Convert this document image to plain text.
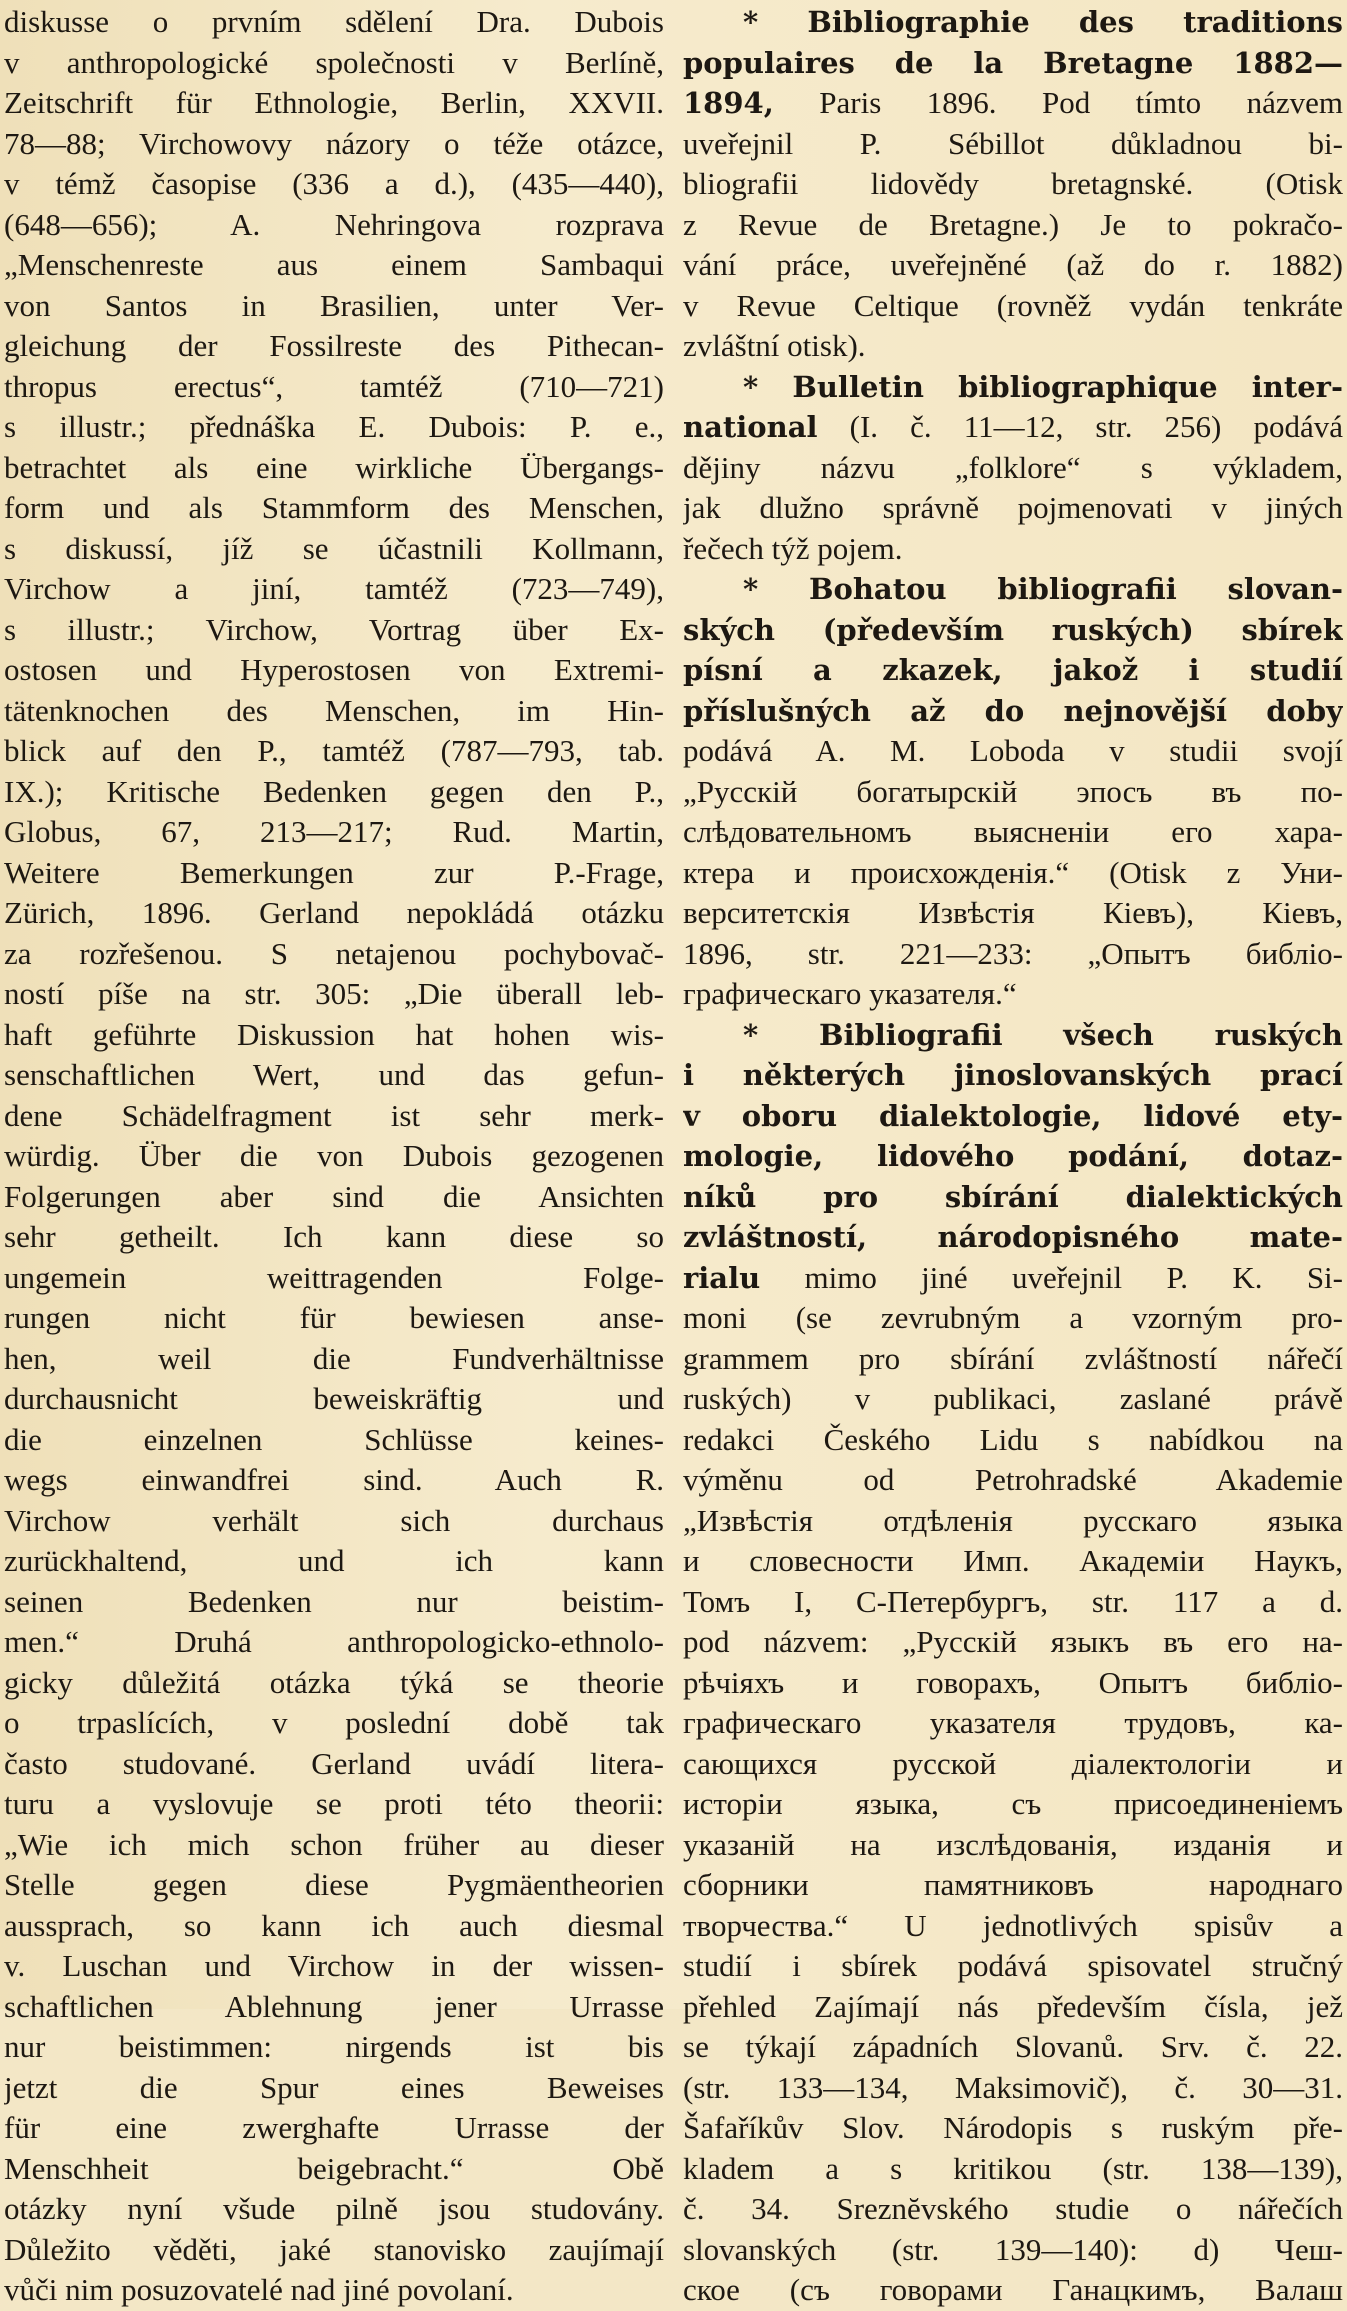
diskusse o prvním sdělení Dra. Dubois
v anthropologické společnosti v Berlíně,
Zeitschrift für Ethnologie, Berlin, XXVII.
78—88; Virchowovy názory o téže otázce,
v témž časopise (336 a d.), (435—440),
(648—656); A. Nehringova rozprava
„Menschenreste aus einem Sambaqui
von Santos in Brasilien, unter Ver-
gleichung der Fossilreste des Pithecan-
thropus erectus“, tamtéž (710—721)
s illustr.; přednáška E. Dubois: P. e.,
betrachtet als eine wirkliche Übergangs-
form und als Stammform des Menschen,
s diskussí, jíž se účastnili Kollmann,
Virchow a jiní, tamtéž (723—749),
s illustr.; Virchow, Vortrag über Ex-
ostosen und Hyperostosen von Extremi-
tätenknochen des Menschen, im Hin-
blick auf den P., tamtéž (787—793, tab.
IX.); Kritische Bedenken gegen den P.,
Globus, 67, 213—217; Rud. Martin,
Weitere Bemerkungen zur P.-Frage,
Zürich, 1896. Gerland nepokládá otázku
za rozřešenou. S netajenou pochybovač-
ností píše na str. 305: „Die überall leb-
haft geführte Diskussion hat hohen wis-
senschaftlichen Wert, und das gefun-
dene Schädelfragment ist sehr merk-
würdig. Über die von Dubois gezogenen
Folgerungen aber sind die Ansichten
sehr getheilt. Ich kann diese so
ungemein weittragenden Folge-
rungen nicht für bewiesen anse-
hen, weil die Fundverhältnisse
durchausnicht beweiskräftig und
die einzelnen Schlüsse keines-
wegs einwandfrei sind. Auch R.
Virchow verhält sich durchaus
zurückhaltend, und ich kann
seinen Bedenken nur beistim-
men.“ Druhá anthropologicko-ethnolo-
gicky důležitá otázka týká se theorie
o trpaslících, v poslední době tak
často studované. Gerland uvádí litera-
turu a vyslovuje se proti této theorii:
„Wie ich mich schon früher au dieser
Stelle gegen diese Pygmäentheorien
aussprach, so kann ich auch diesmal
v. Luschan und Virchow in der wissen-
schaftlichen Ablehnung jener Urrasse
nur beistimmen: nirgends ist bis
jetzt die Spur eines Beweises
für eine zwerghafte Urrasse der
Menschheit beigebracht.“ Obě
otázky nyní všude pilně jsou studovány.
Důležito věděti, jaké stanovisko zaujímají
vůči nim posuzovatelé nad jiné povolaní.
* Bibliographie des traditions
populaires de la Bretagne 1882—
1894, Paris 1896. Pod tímto názvem
uveřejnil P. Sébillot důkladnou bi-
bliografii lidovědy bretagnské. (Otisk
z Revue de Bretagne.) Je to pokračo-
vání práce, uveřejněné (až do r. 1882)
v Revue Celtique (rovněž vydán tenkráte
zvláštní otisk).
* Bulletin bibliographique inter-
national (I. č. 11—12, str. 256) podává
dějiny názvu „folklore“ s výkladem,
jak dlužno správně pojmenovati v jiných
řečech týž pojem.
* Bohatou bibliografii slovan-
ských (především ruských) sbírek
písní a zkazek, jakož i studií
příslušných až do nejnovější doby
podává A. M. Loboda v studii svojí
„Русскій богатырскій эпосъ въ по-
слѣдовательномъ выясненіи его хара-
ктера и происхожденія.“ (Otisk z Уни-
верситетскія Извѣстія Кіевъ), Кіевъ,
1896, str. 221—233: „Опытъ библіо-
графическаго указателя.“
* Bibliografii všech ruských
i některých jinoslovanských prací
v oboru dialektologie, lidové ety-
mologie, lidového podání, dotaz-
níků pro sbírání dialektických
zvláštností, národopisného mate-
rialu mimo jiné uveřejnil P. K. Si-
moni (se zevrubným a vzorným pro-
grammem pro sbírání zvláštností nářečí
ruských) v publikaci, zaslané právě
redakci Českého Lidu s nabídkou na
výměnu od Petrohradské Akademie
„Извѣстія отдѣленія русскаго языка
и словесности Имп. Академіи Наукъ,
Томъ I, С-Петербургъ, str. 117 a d.
pod názvem: „Русскій языкъ въ его на-
рѣчіяхъ и говорахъ, Опытъ библіо-
графическаго указателя трудовъ, ка-
сающихся русской діалектологіи и
исторіи языка, съ присоединеніемъ
указаній на изслѣдованія, изданія и
сборники памятниковъ народнаго
творчества.“ U jednotlivých spisův a
studií i sbírek podává spisovatel stručný
přehled Zajímají nás především čísla, jež
se týkají západních Slovanů. Srv. č. 22.
(str. 133—134, Maksimovič), č. 30—31.
Šafaříkův Slov. Národopis s ruským pře-
kladem a s kritikou (str. 138—139),
č. 34. Sreznĕvského studie o nářečích
slovanských (str. 139—140): d) Чеш-
ское (съ говорами Ганацкимъ, Валаш
